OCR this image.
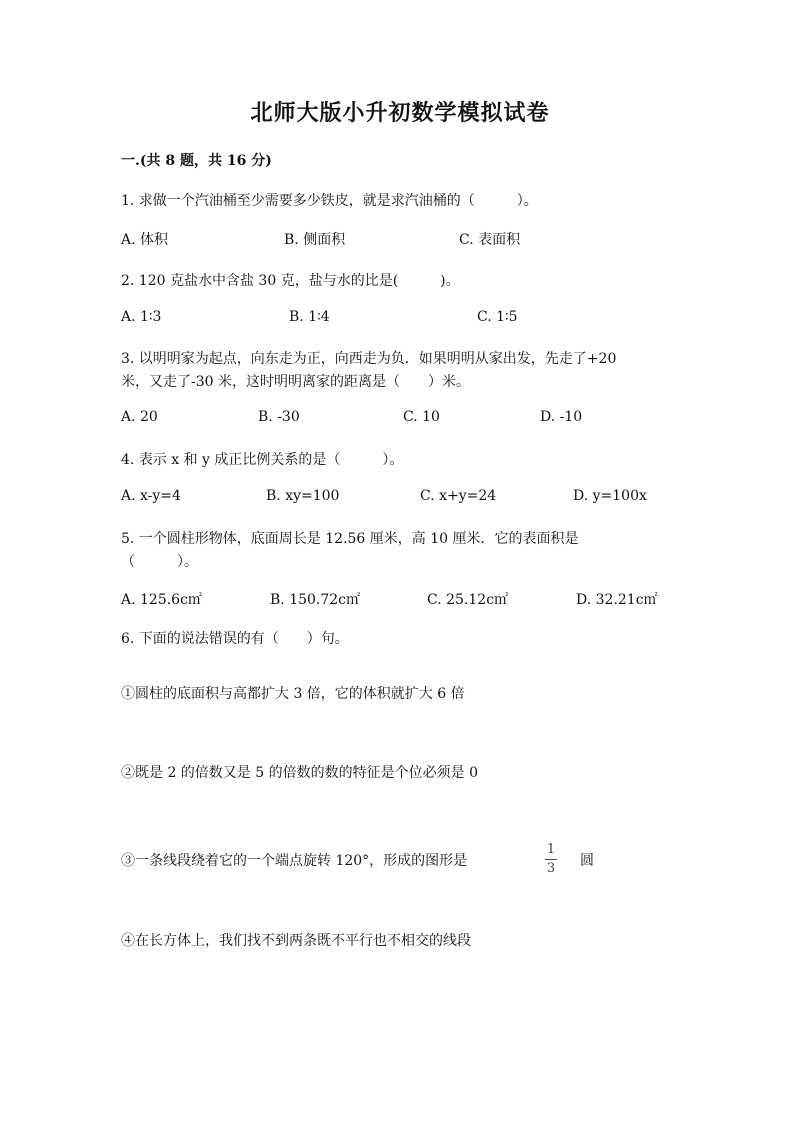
北师大版小升初数学模拟试卷
一.(共 8 题，共 16 分)
1. 求做一个汽油桶至少需要多少铁皮，就是求汽油桶的（　　　）。
A. 体积	B. 侧面积	C. 表面积
2. 120 克盐水中含盐 30 克，盐与水的比是(　　　)。
A. 1∶3	B. 1∶4	C. 1∶5
3. 以明明家为起点，向东走为正，向西走为负．如果明明从家出发，先走了+20
米，又走了-30 米，这时明明离家的距离是（　　）米。
A. 20	B. -30	C. 10	D. -10
4. 表示 x 和 y 成正比例关系的是（　　　）。
A. x-y=4	B. xy=100	C. x+y=24	D. y=100x
5. 一个圆柱形物体，底面周长是 12.56 厘米，高 10 厘米．它的表面积是
（　　　）。
A. 125.6c㎡	B. 150.72c㎡	C. 25.12c㎡	D. 32.21c㎡
6. 下面的说法错误的有（　　）句。
①圆柱的底面积与高都扩大 3 倍，它的体积就扩大 6 倍
②既是 2 的倍数又是 5 的倍数的数的特征是个位必须是 0
③一条线段绕着它的一个端点旋转 120°，形成的图形是
1
3 圆
④在长方体上，我们找不到两条既不平行也不相交的线段
